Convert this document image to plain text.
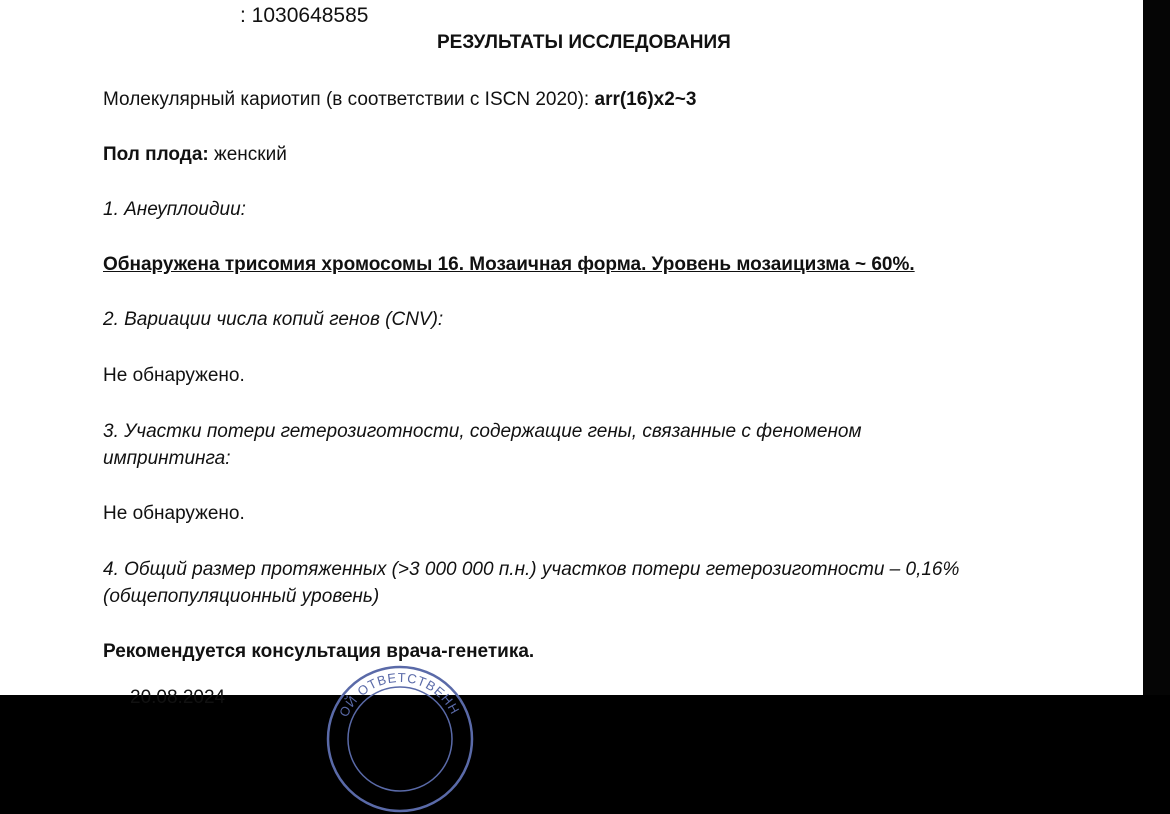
: 1030648585
РЕЗУЛЬТАТЫ ИССЛЕДОВАНИЯ
Молекулярный кариотип (в соответствии с ISCN 2020): arr(16)x2~3
Пол плода: женский
1. Анеуплоидии:
Обнаружена трисомия хромосомы 16. Мозаичная форма. Уровень мозаицизма ~ 60%.
2. Вариации числа копий генов (CNV):
Не обнаружено.
3. Участки потери гетерозиготности, содержащие гены, связанные с феноменом
импринтинга:
Не обнаружено.
4. Общий размер протяженных (>3 000 000 п.н.) участков потери гетерозиготности – 0,16%
(общепопуляционный уровень)
Рекомендуется консультация врача-генетика.
20.08.2024
ОЙ ОТВЕТСТВЕНН
